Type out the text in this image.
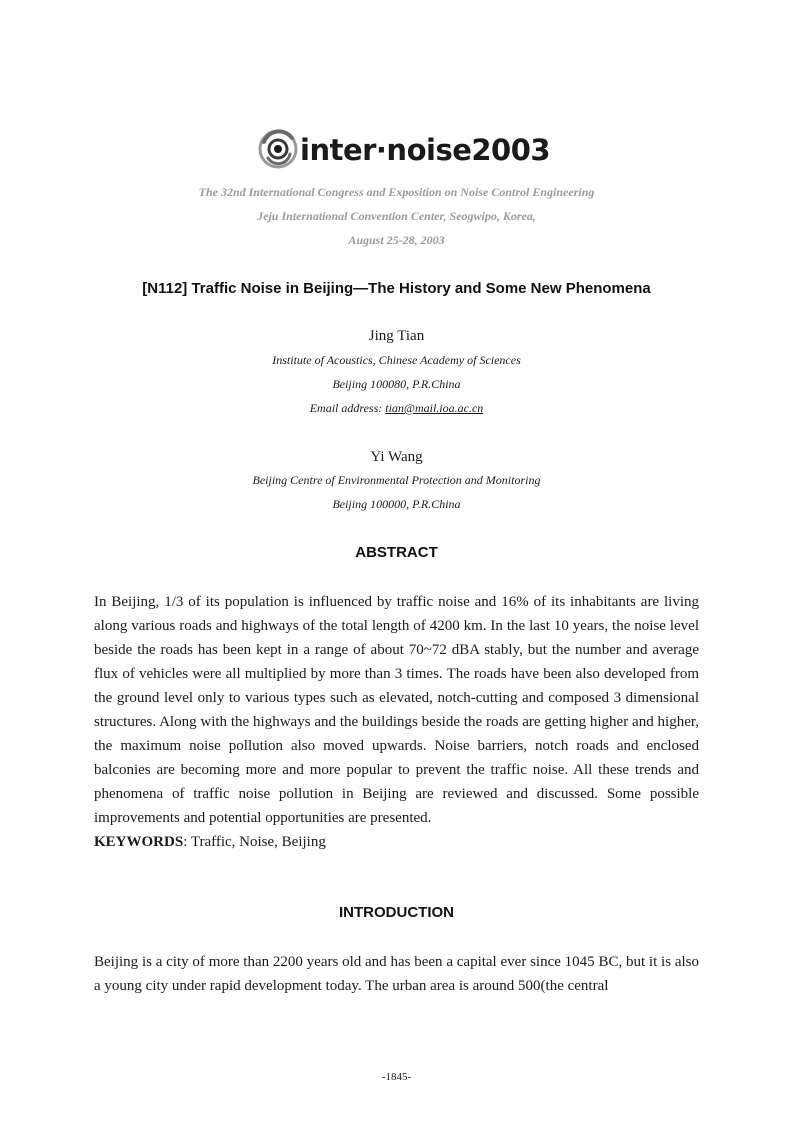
inter·noise2003
The 32nd International Congress and Exposition on Noise Control Engineering
Jeju International Convention Center, Seogwipo, Korea,
August 25-28, 2003
[N112] Traffic Noise in Beijing—The History and Some New Phenomena
Jing Tian
Institute of Acoustics, Chinese Academy of Sciences
Beijing 100080, P.R.China
Email address: tian@mail.ioa.ac.cn
Yi Wang
Beijing Centre of Environmental Protection and Monitoring
Beijing 100000, P.R.China
ABSTRACT
In Beijing, 1/3 of its population is influenced by traffic noise and 16% of its inhabitants are living along various roads and highways of the total length of 4200 km. In the last 10 years, the noise level beside the roads has been kept in a range of about 70~72 dBA stably, but the number and average flux of vehicles were all multiplied by more than 3 times. The roads have been also developed from the ground level only to various types such as elevated, notch-cutting and composed 3 dimensional structures. Along with the highways and the buildings beside the roads are getting higher and higher, the maximum noise pollution also moved upwards. Noise barriers, notch roads and enclosed balconies are becoming more and more popular to prevent the traffic noise. All these trends and phenomena of traffic noise pollution in Beijing are reviewed and discussed. Some possible improvements and potential opportunities are presented.
KEYWORDS: Traffic, Noise, Beijing
INTRODUCTION
Beijing is a city of more than 2200 years old and has been a capital ever since 1045 BC, but it is also a young city under rapid development today. The urban area is around 500(the central
-1845-
